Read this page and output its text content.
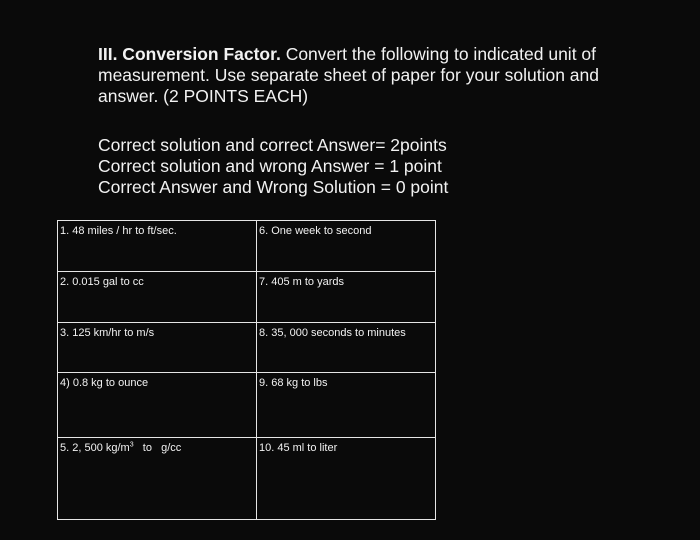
III. Conversion Factor. Convert the following to indicated unit of measurement. Use separate sheet of paper for your solution and answer. (2 POINTS EACH)

Correct solution and correct Answer= 2points
Correct solution and wrong Answer = 1 point
Correct Answer and Wrong Solution = 0 point
1. 48 miles / hr to ft/sec.	6. One week to second
2. 0.015 gal to cc	7. 405 m to yards
3. 125 km/hr to m/s	8. 35, 000 seconds to minutes
4) 0.8 kg to ounce	9. 68 kg to lbs
5. 2, 500 $kg/m^3$   to   g/cc	10. 45 ml to liter
